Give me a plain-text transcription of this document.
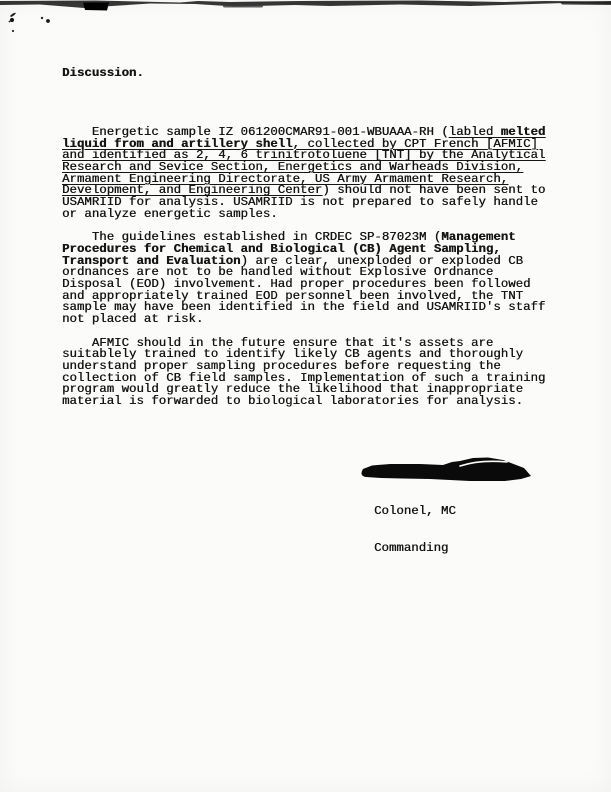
Discussion.

Energetic sample IZ 061200CMAR91-001-WBUAAA-RH (labled melted
liquid from and artillery shell, collected by CPT French [AFMIC]
and identified as 2, 4, 6 trinitrotoluene [TNT] by the Analytical
Research and Sevice Section, Energetics and Warheads Division,
Armament Engineering Directorate, US Army Armament Research,
Development, and Engineering Center) should not have been sent to
USAMRIID for analysis. USAMRIID is not prepared to safely handle
or analyze energetic samples.
The guidelines established in CRDEC SP-87023M (Management
Procedures for Chemical and Biological (CB) Agent Sampling,
Transport and Evaluation) are clear, unexploded or exploded CB
ordnances are not to be handled without Explosive Ordnance
Disposal (EOD) involvement. Had proper procedures been followed
and appropriately trained EOD personnel been involved, the TNT
sample may have been identified in the field and USAMRIID's staff
not placed at risk.
AFMIC should in the future ensure that it's assets are
suitablely trained to identify likely CB agents and thoroughly
understand proper sampling procedures before requesting the
collection of CB field samples. Implementation of such a training
program would greatly reduce the likelihood that inappropriate
material is forwarded to biological laboratories for analysis.

Colonel, MC

Commanding
